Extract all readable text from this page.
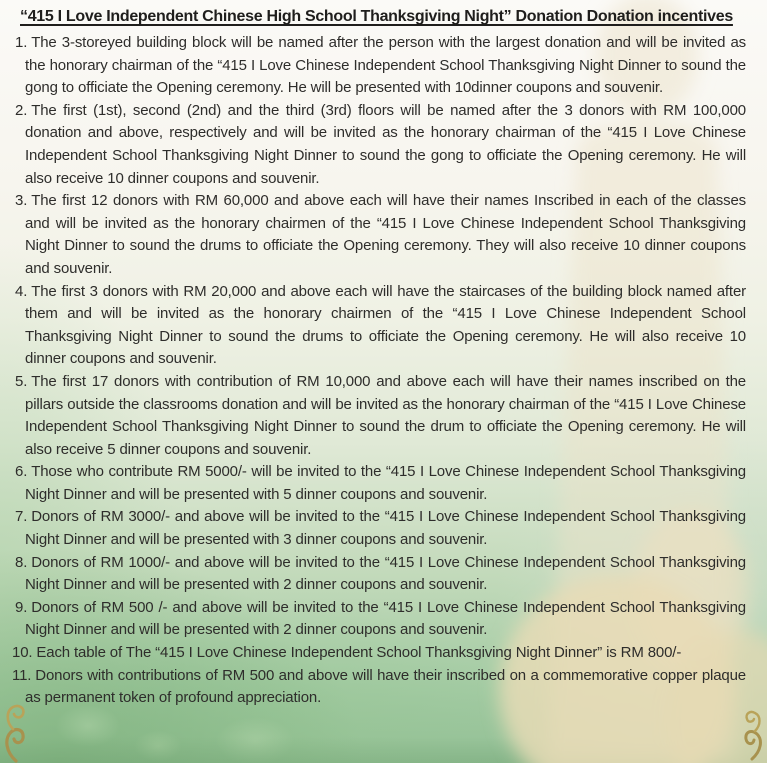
“415 I Love Independent Chinese High School Thanksgiving Night” Donation Donation incentives
1. The 3-storeyed building block will be named after the person with the largest donation and will be invited as the honorary chairman of the “415 I Love Chinese Independent School Thanksgiving Night Dinner to sound the gong to officiate the Opening ceremony. He will be presented with 10dinner coupons and souvenir.
2. The first (1st), second (2nd) and the third (3rd) floors will be named after the 3 donors with RM 100,000 donation and above, respectively and will be invited as the honorary chairman of the “415 I Love Chinese Independent School Thanksgiving Night Dinner to sound the gong to officiate the Opening ceremony. He will also receive 10 dinner coupons and souvenir.
3. The first 12 donors with RM 60,000 and above each will have their names Inscribed in each of the classes and will be invited as the honorary chairmen of the “415 I Love Chinese Independent School Thanksgiving Night Dinner to sound the drums to officiate the Opening ceremony. They will also receive 10 dinner coupons and souvenir.
4. The first 3 donors with RM 20,000 and above each will have the staircases of the building block named after them and will be invited as the honorary chairmen of the “415 I Love Chinese Independent School Thanksgiving Night Dinner to sound the drums to officiate the Opening ceremony. He will also receive 10 dinner coupons and souvenir.
5. The first 17 donors with contribution of RM 10,000 and above each will have their names inscribed on the pillars outside the classrooms donation and will be invited as the honorary chairman of the “415 I Love Chinese Independent School Thanksgiving Night Dinner to sound the drum to officiate the Opening ceremony. He will also receive 5 dinner coupons and souvenir.
6. Those who contribute RM 5000/- will be invited to the “415 I Love Chinese Independent School Thanksgiving Night Dinner and will be presented with 5 dinner coupons and souvenir.
7. Donors of RM 3000/- and above will be invited to the “415 I Love Chinese Independent School Thanksgiving Night Dinner and will be presented with 3 dinner coupons and souvenir.
8. Donors of RM 1000/- and above will be invited to the “415 I Love Chinese Independent School Thanksgiving Night Dinner and will be presented with 2 dinner coupons and souvenir.
9. Donors of RM 500 /- and above will be invited to the “415 I Love Chinese Independent School Thanksgiving Night Dinner and will be presented with 2 dinner coupons and souvenir.
10. Each table of The “415 I Love Chinese Independent School Thanksgiving Night Dinner” is RM 800/-
11. Donors with contributions of RM 500 and above will have their inscribed on a commemorative copper plaque as permanent token of profound appreciation.
